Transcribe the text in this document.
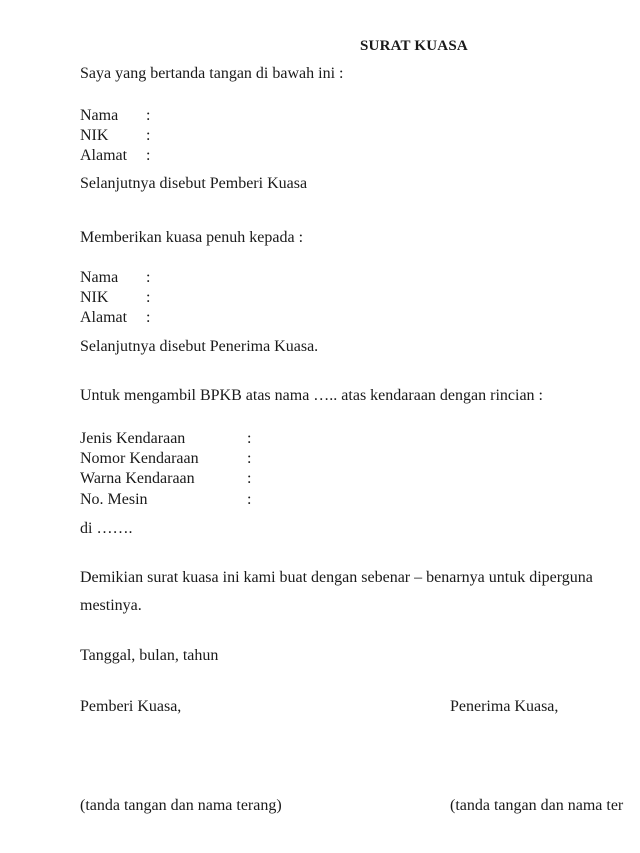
SURAT KUASA
Saya yang bertanda tangan di bawah ini :
Nama :
NIK :
Alamat :
Selanjutnya disebut Pemberi Kuasa
Memberikan kuasa penuh kepada :
Nama :
NIK :
Alamat :
Selanjutnya disebut Penerima Kuasa.
Untuk mengambil BPKB atas nama ….. atas kendaraan dengan rincian :
Jenis Kendaraan	:
Nomor Kendaraan	:
Warna Kendaraan	:
No. Mesin	:
di …….
Demikian surat kuasa ini kami buat dengan sebenar – benarnya untuk diperguna
mestinya.
Tanggal, bulan, tahun
Pemberi Kuasa,	Penerima Kuasa,
(tanda tangan dan nama terang)	(tanda tangan dan nama ter
